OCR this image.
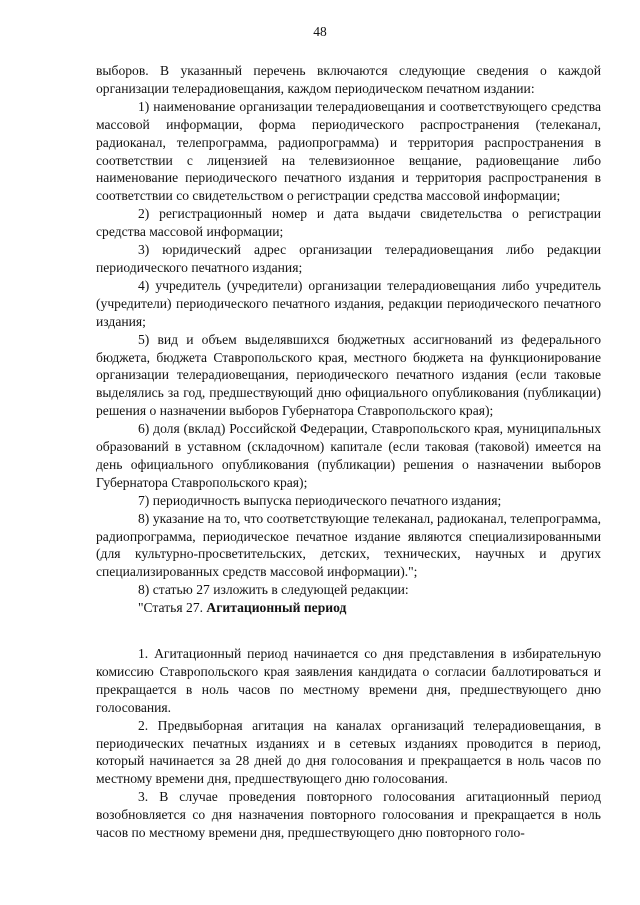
48

выборов. В указанный перечень включаются следующие сведения о каждой организации телерадиовещания, каждом периодическом печатном издании:

1) наименование организации телерадиовещания и соответствующего средства массовой информации, форма периодического распространения (телеканал, радиоканал, телепрограмма, радиопрограмма) и территория распространения в соответствии с лицензией на телевизионное вещание, радиовещание либо наименование периодического печатного издания и территория распространения в соответствии со свидетельством о регистрации средства массовой информации;

2) регистрационный номер и дата выдачи свидетельства о регистрации средства массовой информации;

3) юридический адрес организации телерадиовещания либо редакции периодического печатного издания;

4) учредитель (учредители) организации телерадиовещания либо учредитель (учредители) периодического печатного издания, редакции периодического печатного издания;

5) вид и объем выделявшихся бюджетных ассигнований из федерального бюджета, бюджета Ставропольского края, местного бюджета на функционирование организации телерадиовещания, периодического печатного издания (если таковые выделялись за год, предшествующий дню официального опубликования (публикации) решения о назначении выборов Губернатора Ставропольского края);

6) доля (вклад) Российской Федерации, Ставропольского края, муниципальных образований в уставном (складочном) капитале (если таковая (таковой) имеется на день официального опубликования (публикации) решения о назначении выборов Губернатора Ставропольского края);

7) периодичность выпуска периодического печатного издания;

8) указание на то, что соответствующие телеканал, радиоканал, телепрограмма, радиопрограмма, периодическое печатное издание являются специализированными (для культурно-просветительских, детских, технических, научных и других специализированных средств массовой информации).";

8) статью 27 изложить в следующей редакции:

"Статья 27. Агитационный период

1. Агитационный период начинается со дня представления в избирательную комиссию Ставропольского края заявления кандидата о согласии баллотироваться и прекращается в ноль часов по местному времени дня, предшествующего дню голосования.

2. Предвыборная агитация на каналах организаций телерадиовещания, в периодических печатных изданиях и в сетевых изданиях проводится в период, который начинается за 28 дней до дня голосования и прекращается в ноль часов по местному времени дня, предшествующего дню голосования.

3. В случае проведения повторного голосования агитационный период возобновляется со дня назначения повторного голосования и прекращается в ноль часов по местному времени дня, предшествующего дню повторного голо-
